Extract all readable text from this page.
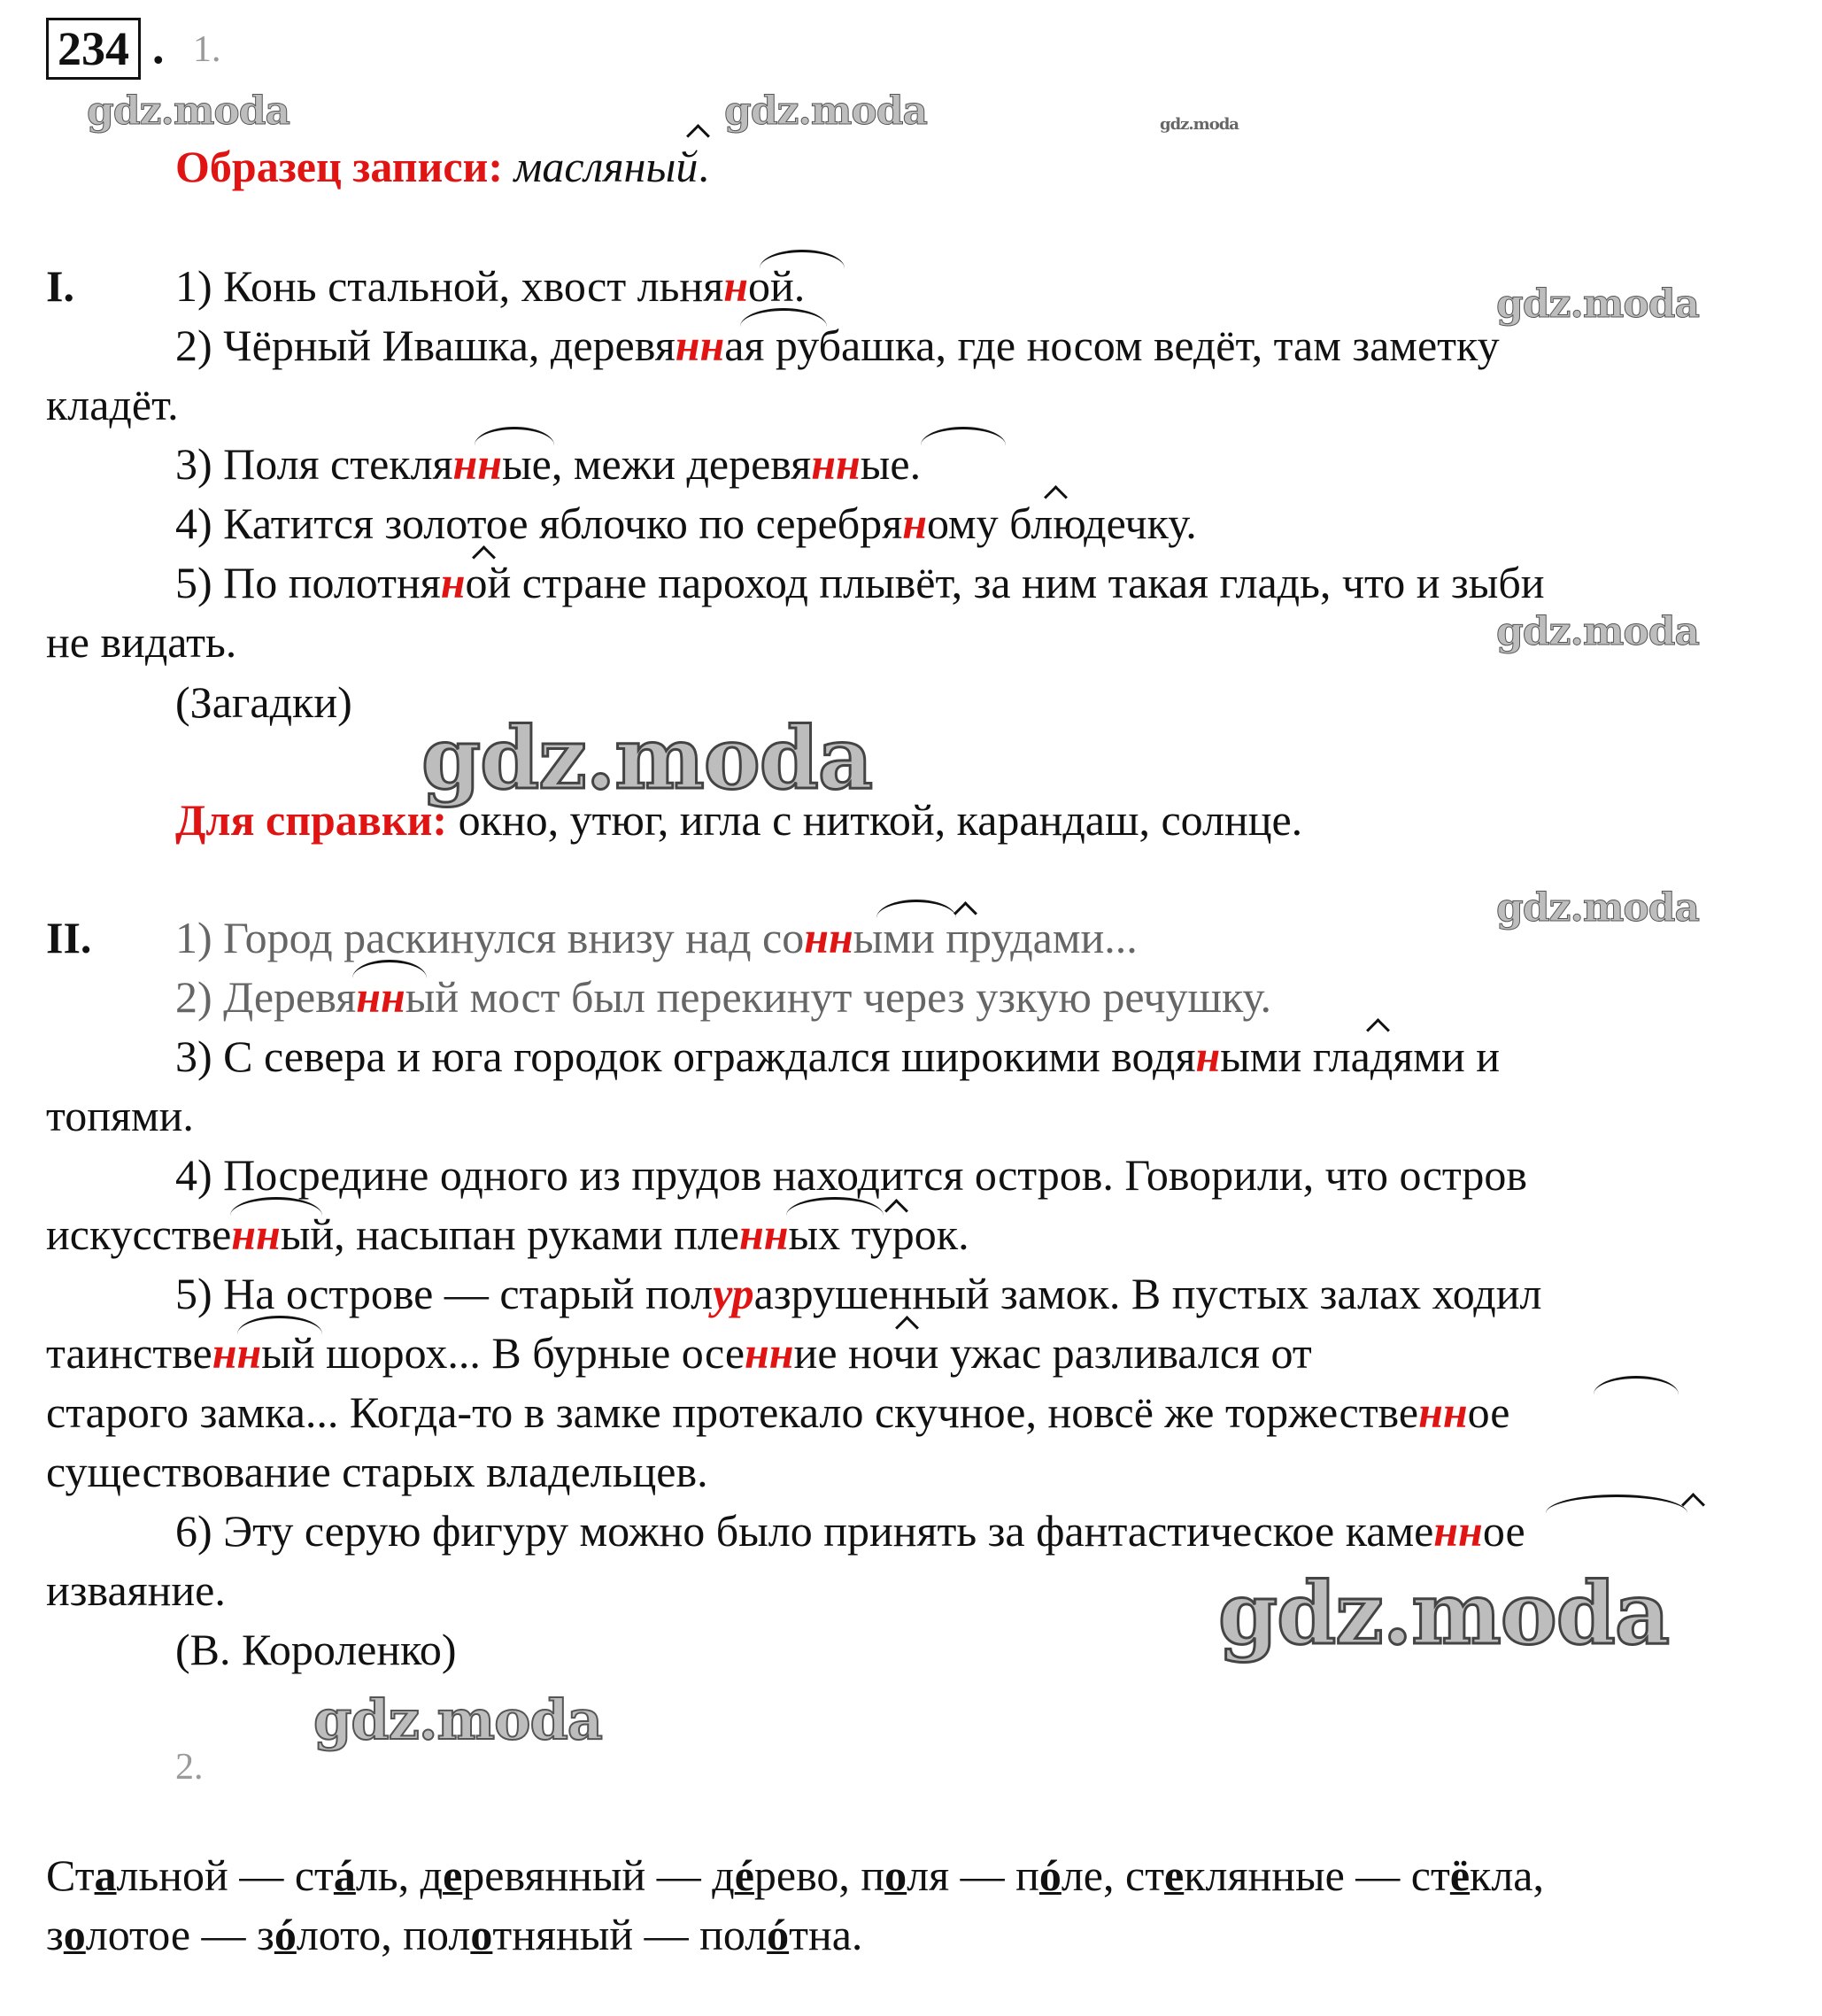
234 . 1.
gdz.moda	gdz.moda	gdz.moda
gdz.moda
gdz.moda
gdz.moda
gdz.moda
gdz.moda
gdz.moda
Образец записи: масляный.
I. 1) Конь стальной, хвост льняной.
2) Чёрный Ивашка, деревянная рубашка, где носом ведёт, там заметку
кладёт.
3) Поля стеклянные, межи деревянные.
4) Катится золотое яблочко по серебряному блюдечку.
5) По полотняной стране пароход плывёт, за ним такая гладь, что и зыби
не видать.
(Загадки)
Для справки: окно, утюг, игла с ниткой, карандаш, солнце.
II. 1) Город раскинулся внизу над сонными прудами...
2) Деревянный мост был перекинут через узкую речушку.
3) С севера и юга городок ограждался широкими водяными гладями и
топями.
4) Посредине одного из прудов находится остров. Говорили, что остров
искусственный, насыпан руками пленных турок.
5) На острове — старый полуразрушенный замок. В пустых залах ходил
таинственный шорох... В бурные осенние ночи ужас разливался от
старого замка... Когда-то в замке протекало скучное, новсё же торжественное
существование старых владельцев.
6) Эту серую фигуру можно было принять за фантастическое каменное
изваяние.
(В. Короленко)
2.
Стальной — стáль, деревянный — дéрево, поля — пóле, стеклянные — стёкла,
золотое — зóлото, полотняный — полóтна.
